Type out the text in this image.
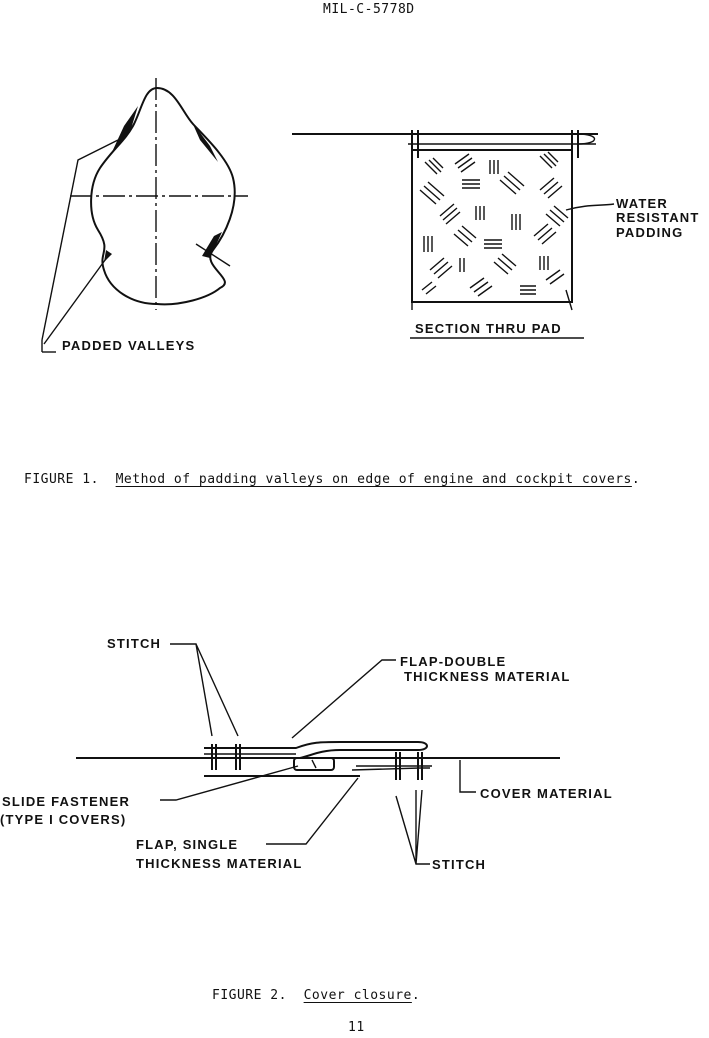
MIL-C-5778D
PADDED VALLEYS
WATER
RESISTANT
PADDING
SECTION THRU PAD
FIGURE 1. Method of padding valleys on edge of engine and cockpit covers.
STITCH
FLAP-DOUBLE
THICKNESS MATERIAL
SLIDE FASTENER
(TYPE I COVERS)
COVER MATERIAL
FLAP, SINGLE
THICKNESS MATERIAL	STITCH
FIGURE 2. Cover closure.
11
